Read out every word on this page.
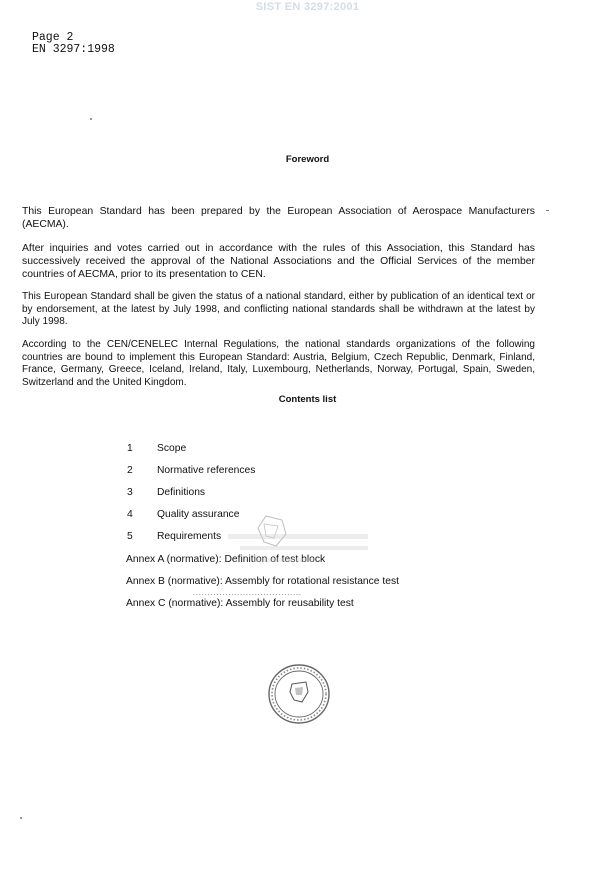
SIST EN 3297:2001
Page 2
EN 3297:1998
Foreword
This European Standard has been prepared by the European Association of Aerospace Manufacturers (AECMA).
After inquiries and votes carried out in accordance with the rules of this Association, this Standard has successively received the approval of the National Associations and the Official Services of the member countries of AECMA, prior to its presentation to CEN.
This European Standard shall be given the status of a national standard, either by publication of an identical text or by endorsement, at the latest by July 1998, and conflicting national standards shall be withdrawn at the latest by July 1998.
According to the CEN/CENELEC Internal Regulations, the national standards organizations of the following countries are bound to implement this European Standard: Austria, Belgium, Czech Republic, Denmark, Finland, France, Germany, Greece, Iceland, Ireland, Italy, Luxembourg, Netherlands, Norway, Portugal, Spain, Sweden, Switzerland and the United Kingdom.
Contents list
1 Scope
2 Normative references
3 Definitions
4 Quality assurance
5 Requirements
Annex A (normative): Definition of test block
Annex B (normative): Assembly for rotational resistance test
.....................................
Annex C (normative): Assembly for reusability test
